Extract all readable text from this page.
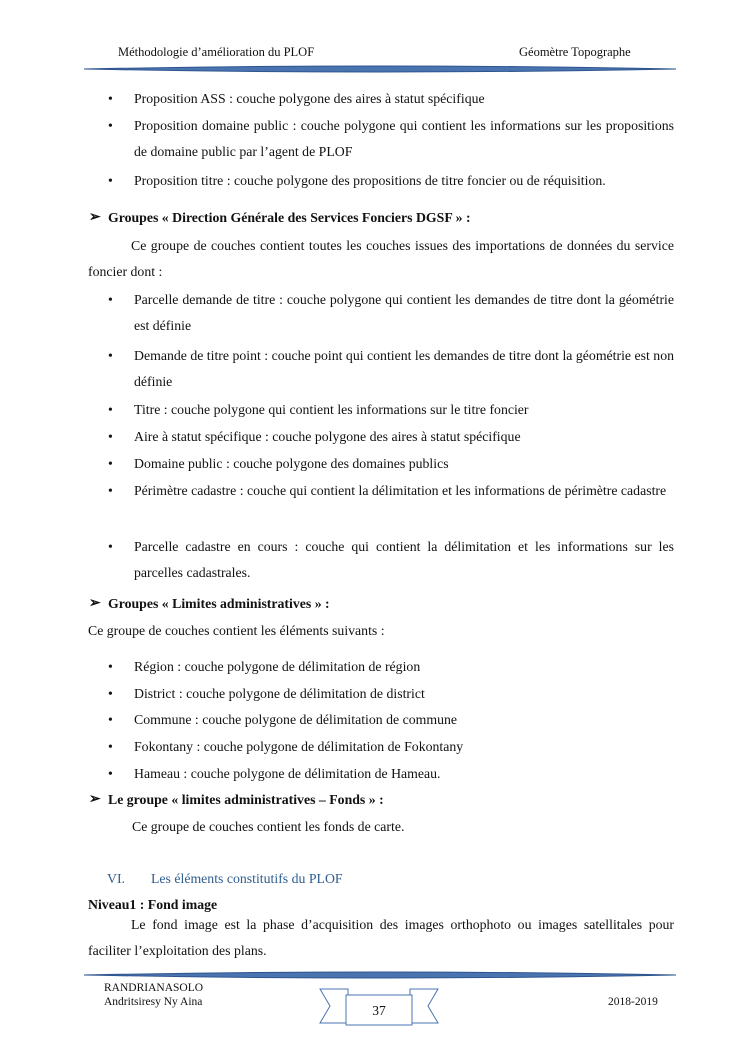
Méthodologie d’amélioration du PLOF	Géomètre Topographe
• Proposition ASS : couche polygone des aires à statut spécifique
• Proposition domaine public : couche polygone qui contient les informations sur les propositions de domaine public par l’agent de PLOF
• Proposition titre : couche polygone des propositions de titre foncier ou de réquisition.
➢ Groupes « Direction Générale des Services Fonciers DGSF » :
Ce groupe de couches contient toutes les couches issues des importations de données du service foncier dont :
• Parcelle demande de titre : couche polygone qui contient les demandes de titre dont la géométrie est définie
• Demande de titre point : couche point qui contient les demandes de titre dont la géométrie est non définie
• Titre : couche polygone qui contient les informations sur le titre foncier
• Aire à statut spécifique : couche polygone des aires à statut spécifique
• Domaine public : couche polygone des domaines publics
• Périmètre cadastre : couche qui contient la délimitation et les informations de périmètre cadastre
• Parcelle cadastre en cours : couche qui contient la délimitation et les informations sur les parcelles cadastrales.
➢ Groupes « Limites administratives » :
Ce groupe de couches contient les éléments suivants :
• Région : couche polygone de délimitation de région
• District : couche polygone de délimitation de district
• Commune : couche polygone de délimitation de commune
• Fokontany : couche polygone de délimitation de Fokontany
• Hameau : couche polygone de délimitation de Hameau.
➢ Le groupe « limites administratives – Fonds » :
Ce groupe de couches contient les fonds de carte.
VI. Les éléments constitutifs du PLOF
Niveau1 : Fond image
Le fond image est la phase d’acquisition des images orthophoto ou images satellitales pour faciliter l’exploitation des plans.
RANDRIANASOLO
Andritsiresy Ny Aina	2018-2019
37
